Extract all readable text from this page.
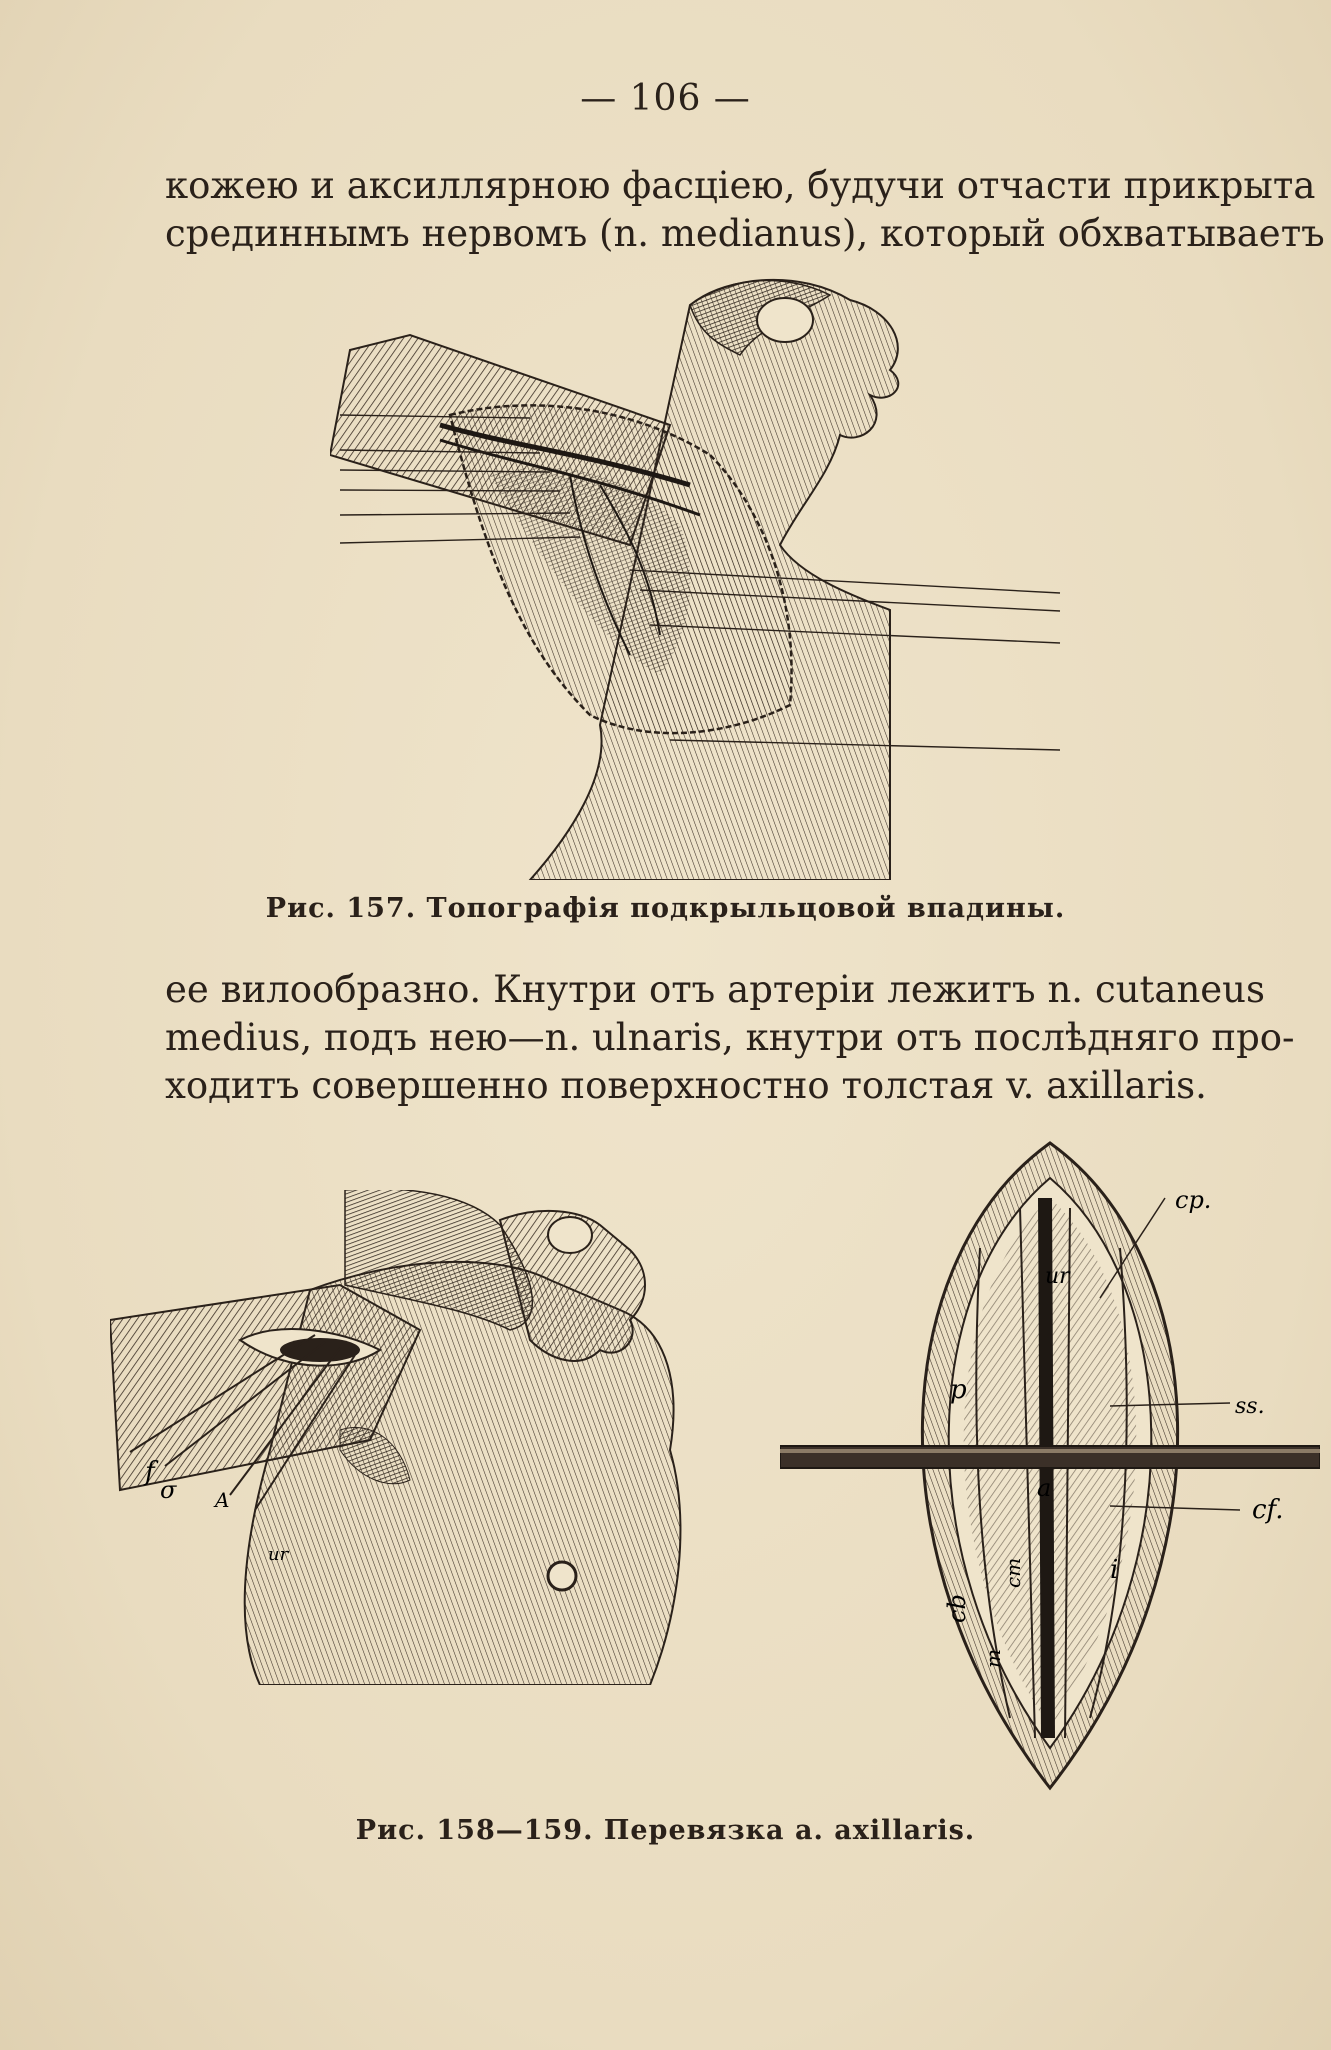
— 106 —
кожею и аксиллярною фасціею, будучи отчасти прикрыта
срединнымъ нервомъ (n. medianus), который обхватываетъ
Рис. 157. Топографія подкрыльцовой впадины.
ее вилообразно. Кнутри отъ артеріи лежитъ n. cutaneus
medius, подъ нею—n. ulnaris, кнутри отъ послѣдняго про-
ходитъ совершенно поверхностно толстая v. axillaris.
f
σ A
ur
cp.
ur
ss.
p
a
cf.
cm
cb
m
i
Рис. 158—159. Перевязка a. axillaris.
